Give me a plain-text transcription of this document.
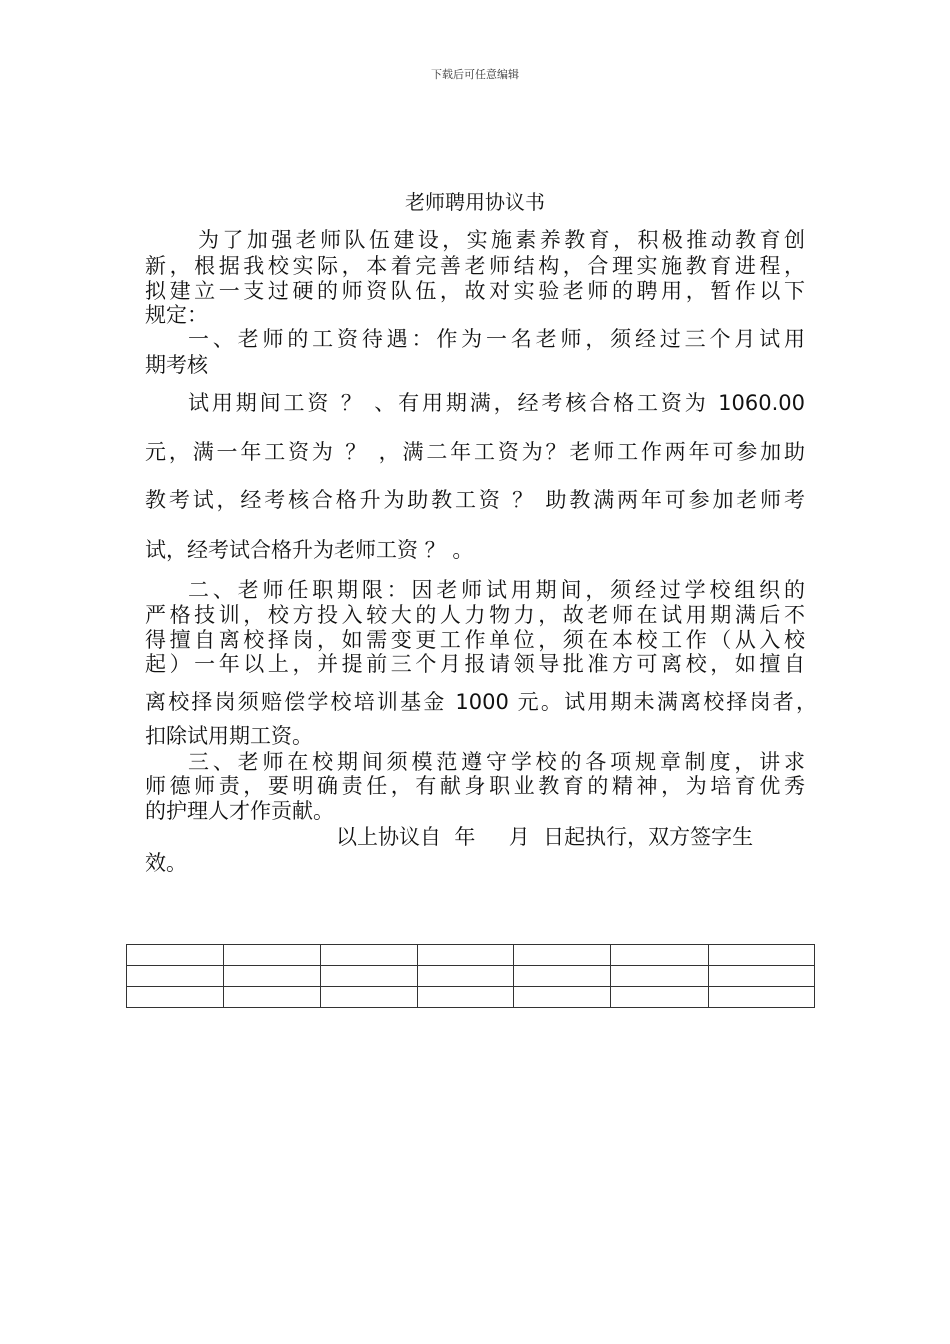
下载后可任意编辑
老师聘用协议书
为了加强老师队伍建设，实施素养教育，积极推动教育创
新，根据我校实际，本着完善老师结构，合理实施教育进程，
拟建立一支过硬的师资队伍，故对实验老师的聘用，暂作以下
规定：
一、老师的工资待遇：作为一名老师，须经过三个月试用
期考核
试用期间工资 ？ 、有用期满，经考核合格工资为 1060.00
元，满一年工资为 ？ ，满二年工资为？老师工作两年可参加助
教考试，经考核合格升为助教工资 ？ 助教满两年可参加老师考
试，经考试合格升为老师工资 ？ 。
二、老师任职期限：因老师试用期间，须经过学校组织的
严格技训，校方投入较大的人力物力，故老师在试用期满后不
得擅自离校择岗，如需变更工作单位，须在本校工作（从入校
起）一年以上，并提前三个月报请领导批准方可离校，如擅自
离校择岗须赔偿学校培训基金 1000 元。试用期未满离校择岗者，
扣除试用期工资。
三、老师在校期间须模范遵守学校的各项规章制度，讲求
师德师责，要明确责任，有献身职业教育的精神，为培育优秀
的护理人才作贡献。
以上协议自  年     月  日起执行，双方签字生
效。
